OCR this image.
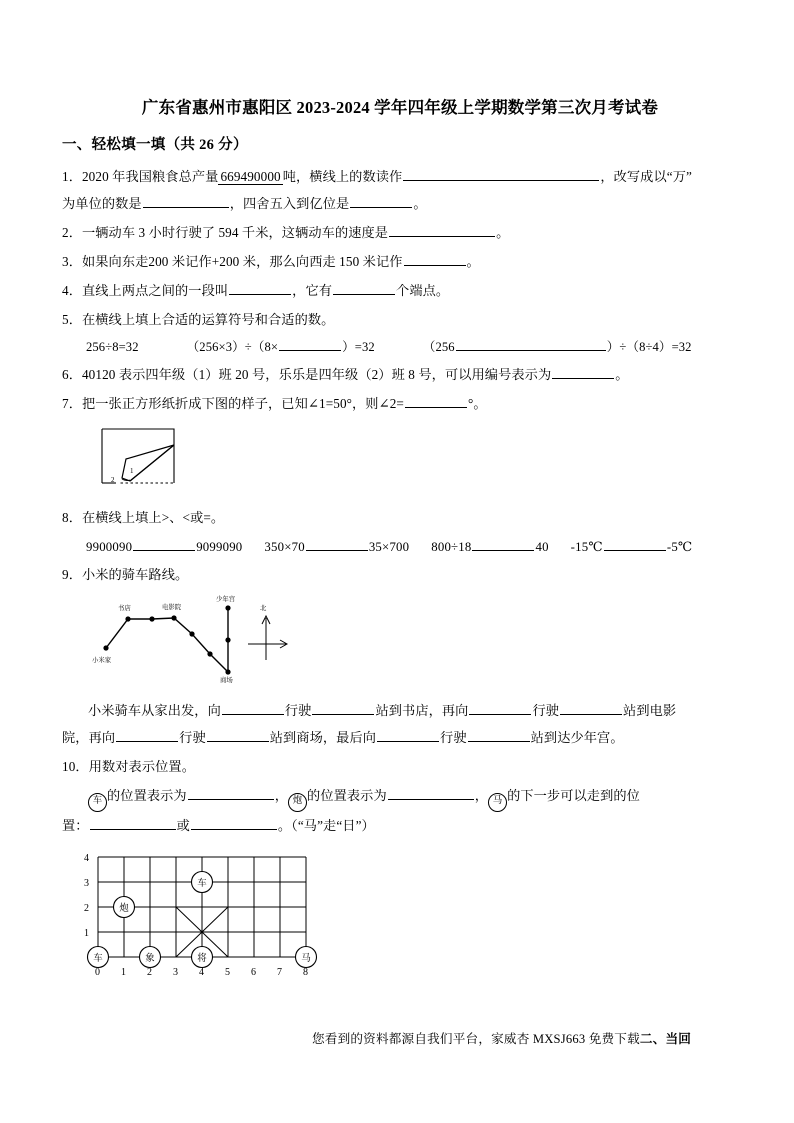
广东省惠州市惠阳区 2023-2024 学年四年级上学期数学第三次月考试卷
一、轻松填一填（共 26 分）
1．2020 年我国粮食总产量 669490000 吨，横线上的数读作	，改写成以“万”
为单位的数是	，四舍五入到亿位是	。
2．一辆动车 3 小时行驶了 594 千米，这辆动车的速度是	。
3．如果向东走200 米记作+200 米，那么向西走 150 米记作	。
4．直线上两点之间的一段叫	，它有	个端点。
5．在横线上填上合适的运算符号和合适的数。
256÷8=32	（256×3）÷（8×	）=32	（256	）÷（8÷4）=32
6．40120 表示四年级（1）班 20 号，乐乐是四年级（2）班 8 号，可以用编号表示为	。
7．把一张正方形纸折成下图的样子，已知∠1=50°，则∠2=	°。
1
2
8．在横线上填上>、<或=。
9900090	9099090 350×70	35×700 800÷18	40 -15℃	-5℃
9．小米的骑车路线。
小米家
书店	电影院
少年宫
商场
北
小米骑车从家出发，向	行驶	站到书店，再向	行驶	站到电影
院，再向	行驶	站到商场，最后向	行驶	站到达少年宫。
10．用数对表示位置。
车 的位置表示为	， 炮 的位置表示为	， 马 的下一步可以走到的位
置：	或	。（“马”走“日”）
4
3
2
1
0 1 2 3 4 5 6 7 8
车	象	将	马
炮
车
您看到的资料都源自我们平台，家威杏 MXSJ663 免费下载二、当回
